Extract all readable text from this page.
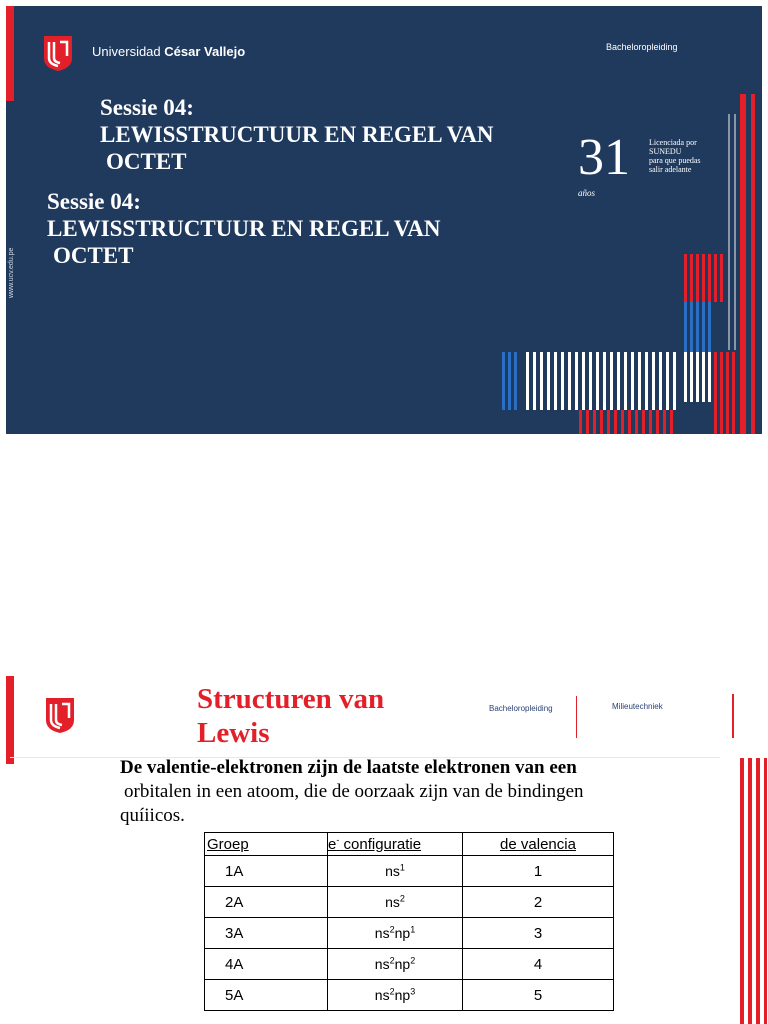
Universidad César Vallejo	Bacheloropleiding
Sessie 04:
LEWISSTRUCTUUR EN REGEL VAN
OCTET
Sessie 04:
LEWISSTRUCTUUR EN REGEL VAN
OCTET
www.ucv.edu.pe
31
años
Licenciada por
SUNEDU
para que puedas
salir adelante
Structuren van Lewis
Bacheloropleiding	Milieutechniek
De valentie-elektronen zijn de laatste elektronen van een
orbitalen in een atoom, die de oorzaak zijn van de bindingen
quíiicos.
Groep	e- configuratie	de valencia
1A	$ns^1$	1
2A	$ns^2$	2
3A	$ns^2np^1$	3
4A	$ns^2np^2$	4
5A	$ns^2np^3$	5
